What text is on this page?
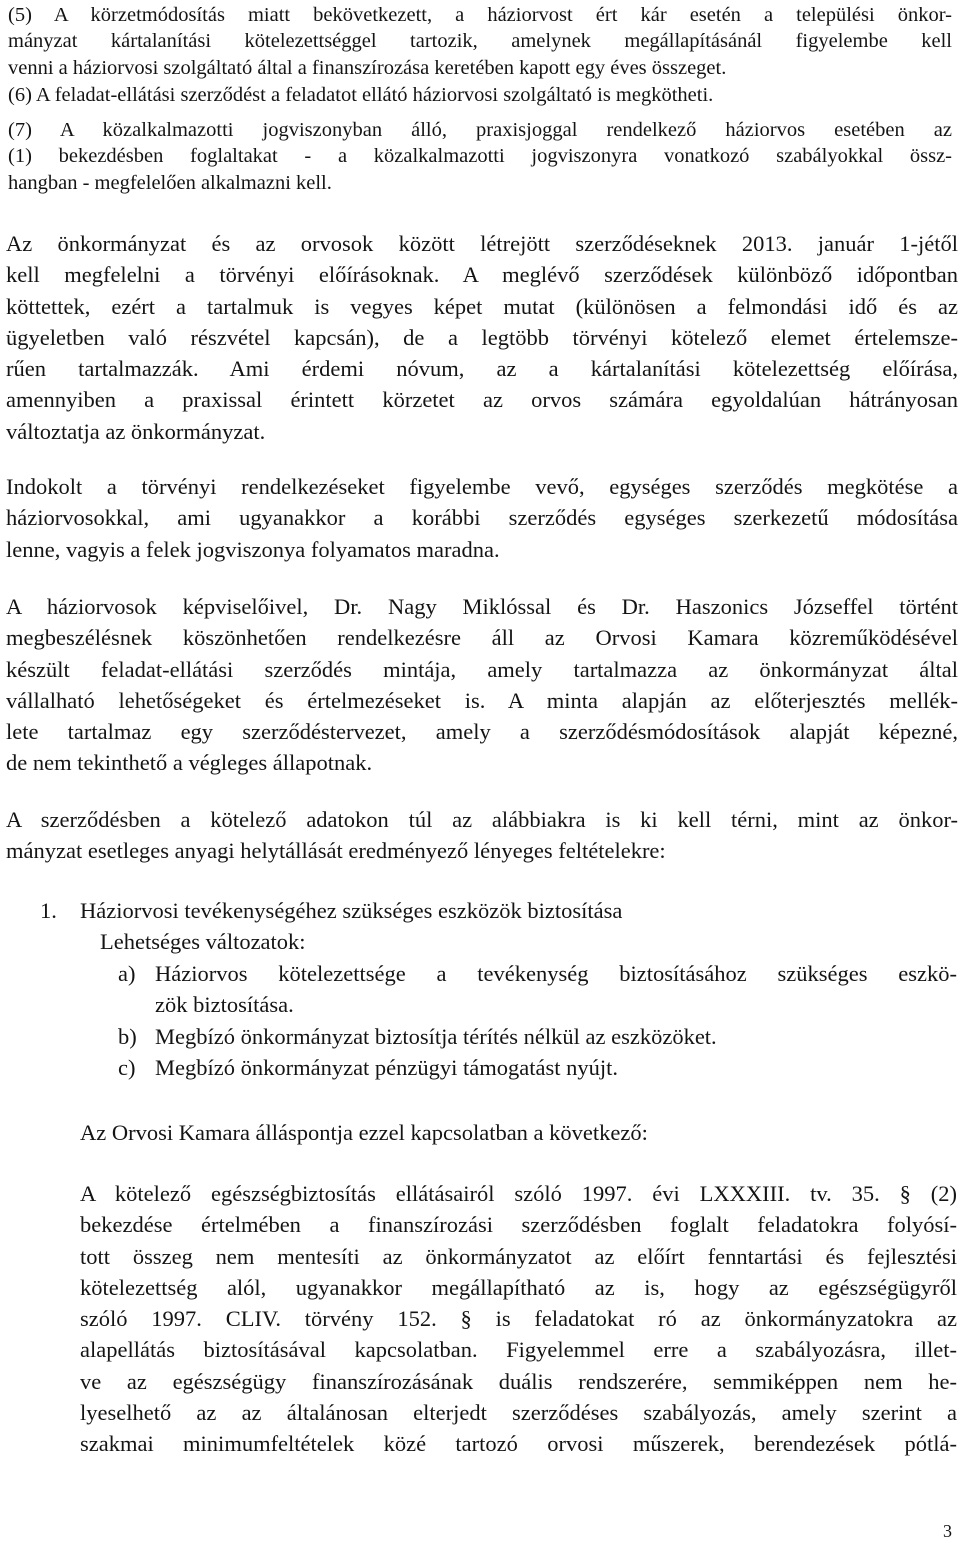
(5) A körzetmódosítás miatt bekövetkezett, a háziorvost ért kár esetén a települési önkor-
mányzat kártalanítási kötelezettséggel tartozik, amelynek megállapításánál figyelembe kell
venni a háziorvosi szolgáltató által a finanszírozása keretében kapott egy éves összeget.
(6) A feladat-ellátási szerződést a feladatot ellátó háziorvosi szolgáltató is megkötheti.
(7) A közalkalmazotti jogviszonyban álló, praxisjoggal rendelkező háziorvos esetében az
(1) bekezdésben foglaltakat - a közalkalmazotti jogviszonyra vonatkozó szabályokkal össz-
hangban - megfelelően alkalmazni kell.
Az önkormányzat és az orvosok között létrejött szerződéseknek 2013. január 1-jétől
kell megfelelni a törvényi előírásoknak. A meglévő szerződések különböző időpontban
köttettek, ezért a tartalmuk is vegyes képet mutat (különösen a felmondási idő és az
ügyeletben való részvétel kapcsán), de a legtöbb törvényi kötelező elemet értelemsze-
rűen tartalmazzák. Ami érdemi nóvum, az a kártalanítási kötelezettség előírása,
amennyiben a praxissal érintett körzetet az orvos számára egyoldalúan hátrányosan
változtatja az önkormányzat.
Indokolt a törvényi rendelkezéseket figyelembe vevő, egységes szerződés megkötése a
háziorvosokkal, ami ugyanakkor a korábbi szerződés egységes szerkezetű módosítása
lenne, vagyis a felek jogviszonya folyamatos maradna.
A háziorvosok képviselőivel, Dr. Nagy Miklóssal és Dr. Haszonics Józseffel történt
megbeszélésnek köszönhetően rendelkezésre áll az Orvosi Kamara közreműködésével
készült feladat-ellátási szerződés mintája, amely tartalmazza az önkormányzat által
vállalható lehetőségeket és értelmezéseket is. A minta alapján az előterjesztés mellék-
lete tartalmaz egy szerződéstervezet, amely a szerződésmódosítások alapját képezné,
de nem tekinthető a végleges állapotnak.
A szerződésben a kötelező adatokon túl az alábbiakra is ki kell térni, mint az önkor-
mányzat esetleges anyagi helytállását eredményező lényeges feltételekre:
1. Háziorvosi tevékenységéhez szükséges eszközök biztosítása
Lehetséges változatok:
a) Háziorvos kötelezettsége a tevékenység biztosításához szükséges eszkö-
zök biztosítása.
b) Megbízó önkormányzat biztosítja térítés nélkül az eszközöket.
c) Megbízó önkormányzat pénzügyi támogatást nyújt.
Az Orvosi Kamara álláspontja ezzel kapcsolatban a következő:
A kötelező egészségbiztosítás ellátásairól szóló 1997. évi LXXXIII. tv. 35. § (2)
bekezdése értelmében a finanszírozási szerződésben foglalt feladatokra folyósí-
tott összeg nem mentesíti az önkormányzatot az előírt fenntartási és fejlesztési
kötelezettség alól, ugyanakkor megállapítható az is, hogy az egészségügyről
szóló 1997. CLIV. törvény 152. § is feladatokat ró az önkormányzatokra az
alapellátás biztosításával kapcsolatban. Figyelemmel erre a szabályozásra, illet-
ve az egészségügy finanszírozásának duális rendszerére, semmiképpen nem he-
lyeselhető az az általánosan elterjedt szerződéses szabályozás, amely szerint a
szakmai minimumfeltételek közé tartozó orvosi műszerek, berendezések pótlá-
3
